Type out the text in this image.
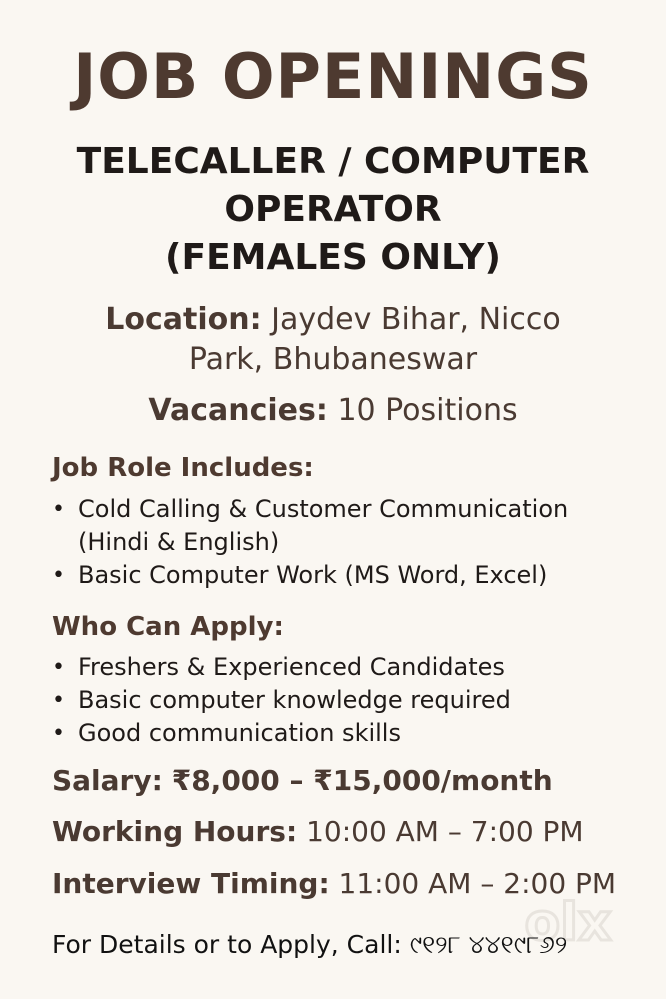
JOB OPENINGS
TELECALLER / COMPUTER
OPERATOR
(FEMALES ONLY)
Location: Jaydev Bihar, Nicco
Park, Bhubaneswar
Vacancies: 10 Positions
Job Role Includes:
• Cold Calling & Customer Communication (Hindi & English)
• Basic Computer Work (MS Word, Excel)
Who Can Apply:
• Freshers & Experienced Candidates
• Basic computer knowledge required
• Good communication skills
Salary: ₹8,000 – ₹15,000/month
Working Hours: 10:00 AM – 7:00 PM
Interview Timing: 11:00 AM – 2:00 PM
olx
For Details or to Apply, Call: ୯୧୨୮ ୪୪୧୯୮୬୨
